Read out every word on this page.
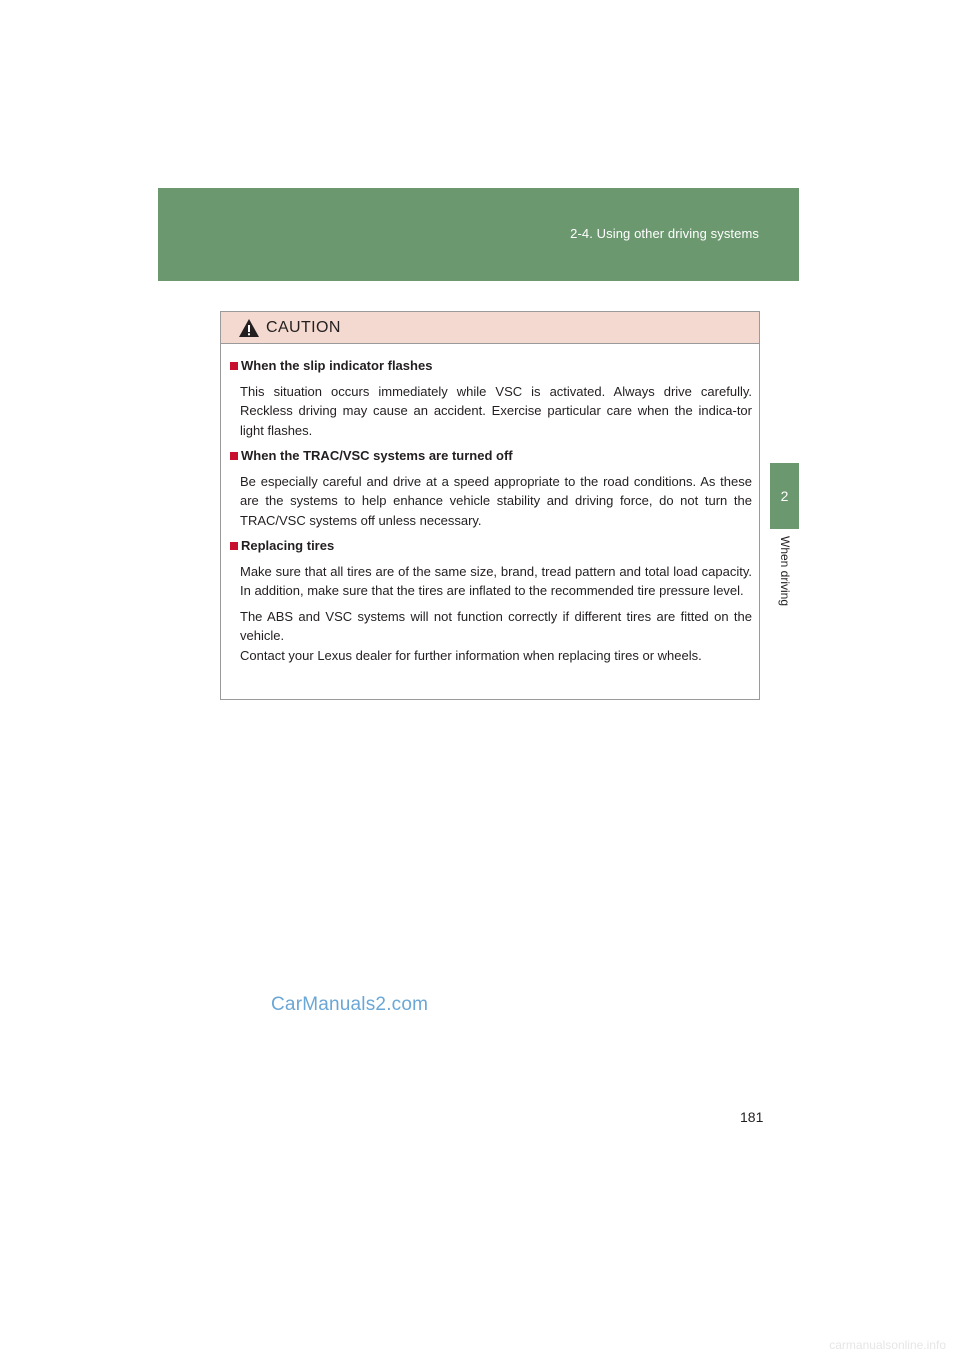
2-4. Using other driving systems
2
When driving
CAUTION
When the slip indicator flashes

This situation occurs immediately while VSC is activated. Always drive carefully. Reckless driving may cause an accident. Exercise particular care when the indica-tor light flashes.

When the TRAC/VSC systems are turned off

Be especially careful and drive at a speed appropriate to the road conditions. As these are the systems to help enhance vehicle stability and driving force, do not turn the TRAC/VSC systems off unless necessary.

Replacing tires

Make sure that all tires are of the same size, brand, tread pattern and total load capacity. In addition, make sure that the tires are inflated to the recommended tire pressure level.

The ABS and VSC systems will not function correctly if different tires are fitted on the vehicle.

Contact your Lexus dealer for further information when replacing tires or wheels.

CarManuals2.com
181
carmanualsonline.info
